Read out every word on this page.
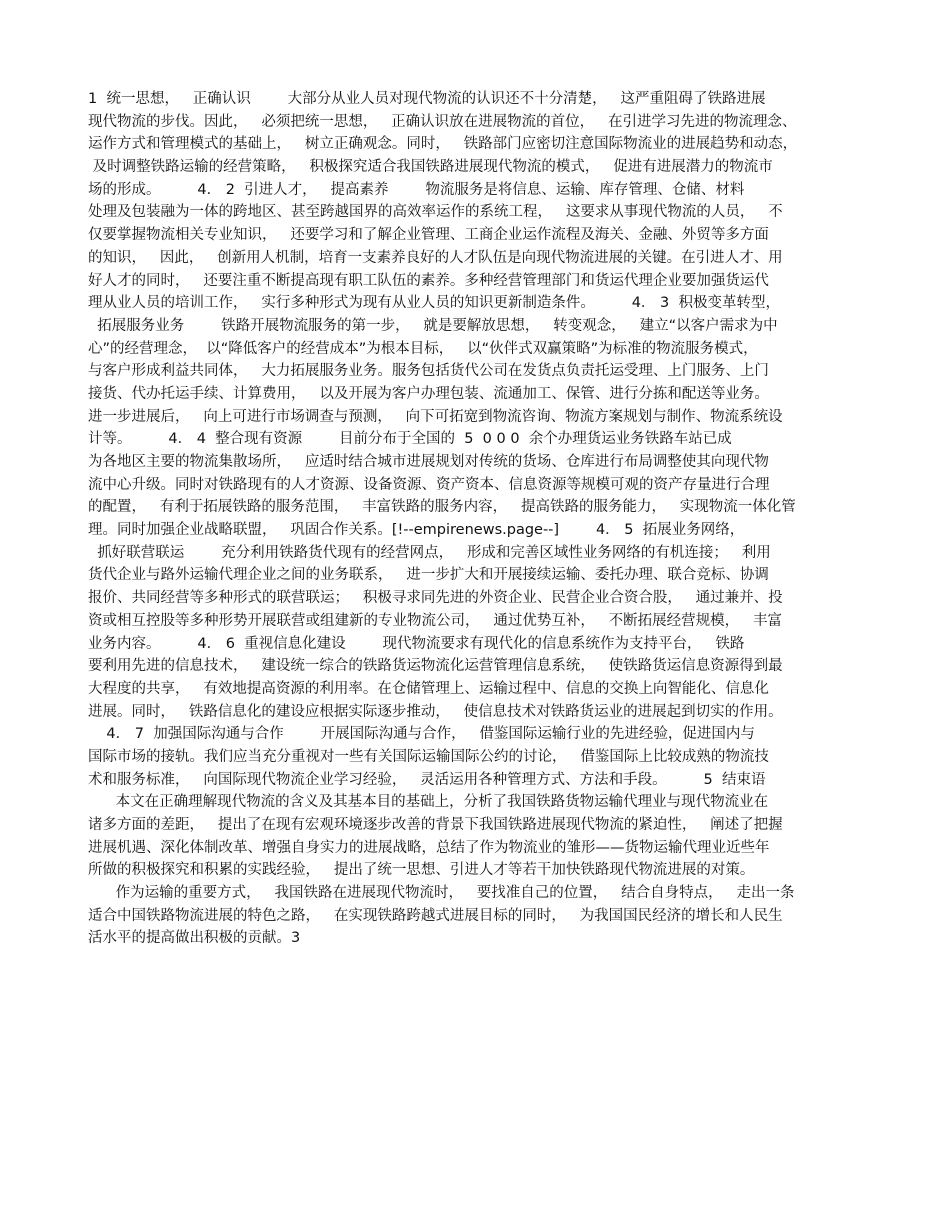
1  统一思想，   正确认识        大部分从业人员对现代物流的认识还不十分清楚，   这严重阻碍了铁路进展
现代物流的步伐。因此，   必须把统一思想，   正确认识放在进展物流的首位，   在引进学习先进的物流理念、
运作方式和管理模式的基础上，   树立正确观念。同时，   铁路部门应密切注意国际物流业的进展趋势和动态，
及时调整铁路运输的经营策略，   积极探究适合我国铁路进展现代物流的模式，   促进有进展潜力的物流市
场的形成。        4． 2  引进人才，   提高素养        物流服务是将信息、运输、库存管理、仓储、材料
处理及包装融为一体的跨地区、甚至跨越国界的高效率运作的系统工程，   这要求从事现代物流的人员，   不
仅要掌握物流相关专业知识，   还要学习和了解企业管理、工商企业运作流程及海关、金融、外贸等多方面
的知识，   因此，   创新用人机制，培育一支素养良好的人才队伍是向现代物流进展的关键。在引进人才、用
好人才的同时，   还要注重不断提高现有职工队伍的素养。多种经营管理部门和货运代理企业要加强货运代
理从业人员的培训工作，   实行多种形式为现有从业人员的知识更新制造条件。        4． 3  积极变革转型，
拓展服务业务        铁路开展物流服务的第一步，   就是要解放思想，   转变观念，   建立“以客户需求为中
心”的经营理念，  以“降低客户的经营成本”为根本目标，   以“伙伴式双赢策略”为标准的物流服务模式，
与客户形成利益共同体，   大力拓展服务业务。服务包括货代公司在发货点负责托运受理、上门服务、上门
接货、代办托运手续、计算费用，   以及开展为客户办理包装、流通加工、保管、进行分拣和配送等业务。
进一步进展后，   向上可进行市场调查与预测，   向下可拓宽到物流咨询、物流方案规划与制作、物流系统设
计等。        4． 4  整合现有资源        目前分布于全国的  5  0 0 0  余个办理货运业务铁路车站已成
为各地区主要的物流集散场所，   应适时结合城市进展规划对传统的货场、仓库进行布局调整使其向现代物
流中心升级。同时对铁路现有的人才资源、设备资源、资产资本、信息资源等规模可观的资产存量进行合理
的配置，   有利于拓展铁路的服务范围，   丰富铁路的服务内容，   提高铁路的服务能力，   实现物流一体化管
理。同时加强企业战略联盟，   巩固合作关系。[!--empirenews.page--]        4． 5  拓展业务网络，
抓好联营联运        充分利用铁路货代现有的经营网点，   形成和完善区域性业务网络的有机连接；   利用
货代企业与路外运输代理企业之间的业务联系，   进一步扩大和开展接续运输、委托办理、联合竞标、协调
报价、共同经营等多种形式的联营联运；   积极寻求同先进的外资企业、民营企业合资合股，   通过兼并、投
资或相互控股等多种形势开展联营或组建新的专业物流公司，   通过优势互补，   不断拓展经营规模，   丰富
业务内容。        4． 6  重视信息化建设        现代物流要求有现代化的信息系统作为支持平台，   铁路
要利用先进的信息技术，   建设统一综合的铁路货运物流化运营管理信息系统，   使铁路货运信息资源得到最
大程度的共享，   有效地提高资源的利用率。在仓储管理上、运输过程中、信息的交换上向智能化、信息化
进展。同时，   铁路信息化的建设应根据实际逐步推动，   使信息技术对铁路货运业的进展起到切实的作用。
4． 7  加强国际沟通与合作        开展国际沟通与合作，   借鉴国际运输行业的先进经验，促进国内与
国际市场的接轨。我们应当充分重视对一些有关国际运输国际公约的讨论，   借鉴国际上比较成熟的物流技
术和服务标准，   向国际现代物流企业学习经验，   灵活运用各种管理方式、方法和手段。        5  结束语
本文在正确理解现代物流的含义及其基本目的基础上，分析了我国铁路货物运输代理业与现代物流业在
诸多方面的差距，   提出了在现有宏观环境逐步改善的背景下我国铁路进展现代物流的紧迫性，   阐述了把握
进展机遇、深化体制改革、增强自身实力的进展战略，总结了作为物流业的雏形——货物运输代理业近些年
所做的积极探究和积累的实践经验，   提出了统一思想、引进人才等若干加快铁路现代物流进展的对策。
作为运输的重要方式，   我国铁路在进展现代物流时，   要找准自己的位置，   结合自身特点，   走出一条
适合中国铁路物流进展的特色之路，   在实现铁路跨越式进展目标的同时，   为我国国民经济的增长和人民生
活水平的提高做出积极的贡献。3
